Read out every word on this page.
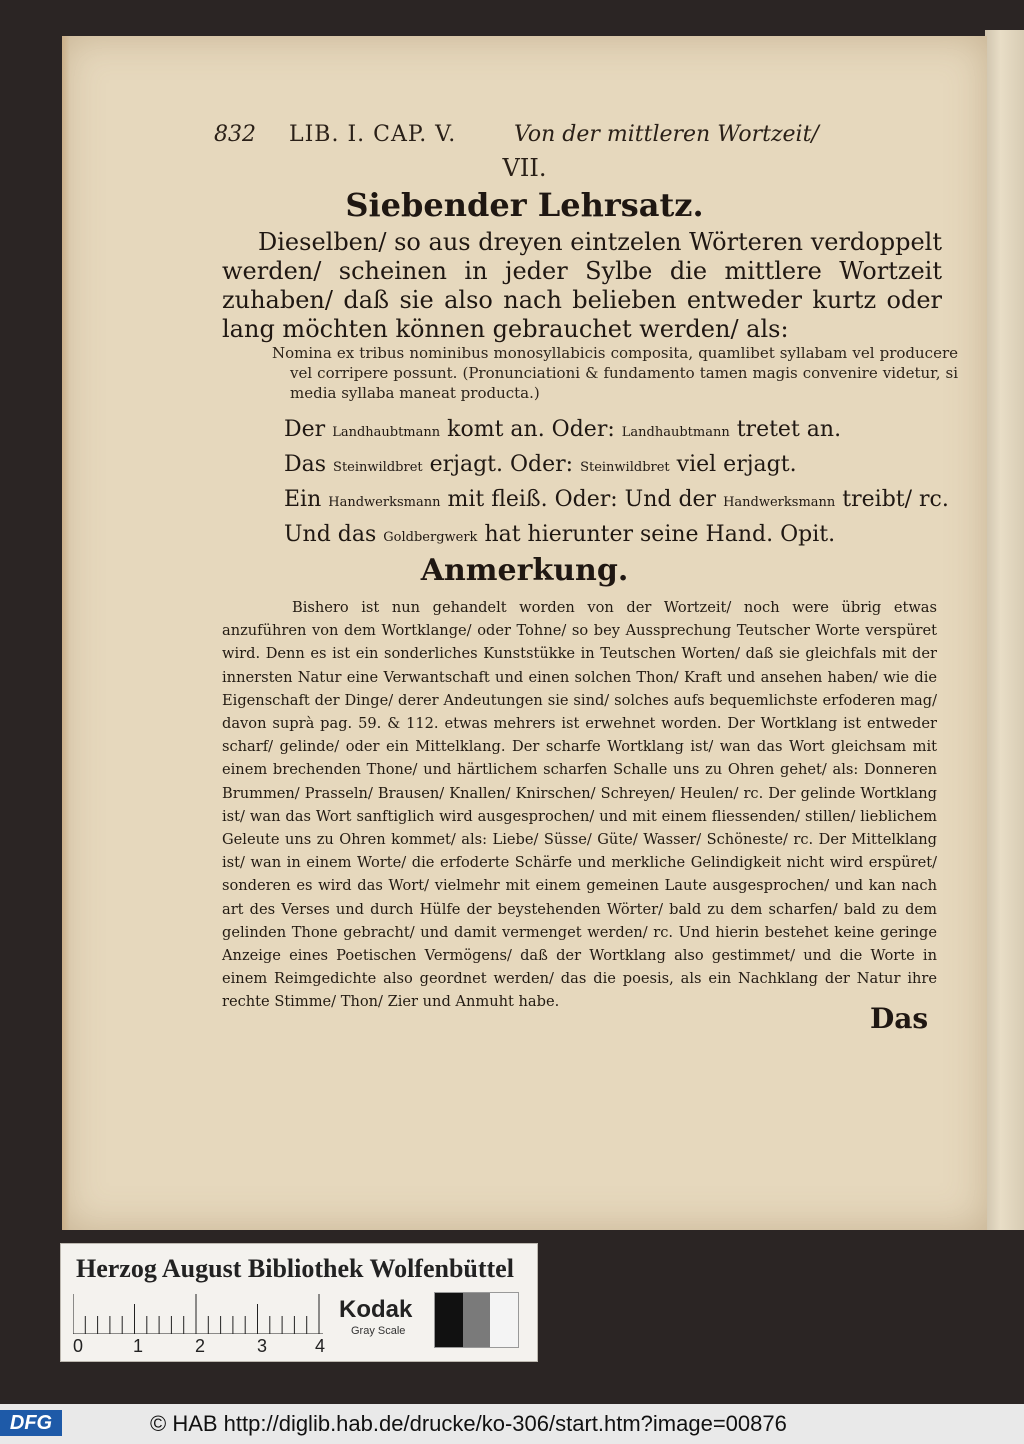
832 LIB. I. CAP. V.	Von der mittleren Wortzeit/
VII.
Siebender Lehrsatz.
Dieselben/ so aus dreyen eintzelen Wörteren verdoppelt werden/ scheinen in jeder Sylbe die mittlere Wortzeit zuhaben/ daß sie also nach belieben entweder kurtz oder lang möchten können gebrauchet werden/ als:
Nomina ex tribus nominibus monosyllabicis composita, quamlibet syllabam vel producere vel corripere possunt. (Pronunciationi & fundamento tamen magis convenire videtur, si media syllaba maneat producta.)
Der Landhaubtmann komt an. Oder: Landhaubtmann tretet an.
Das Steinwildbret erjagt. Oder: Steinwildbret viel erjagt.
Ein Handwerksmann mit fleiß. Oder: Und der Handwerksmann treibt/ rc.
Und das Goldbergwerk hat hierunter seine Hand. Opit.
Anmerkung.
Bishero ist nun gehandelt worden von der Wortzeit/ noch were übrig etwas anzuführen von dem Wortklange/ oder Tohne/ so bey Aussprechung Teutscher Worte verspüret wird. Denn es ist ein sonderliches Kunststükke in Teutschen Worten/ daß sie gleichfals mit der innersten Natur eine Verwantschaft und einen solchen Thon/ Kraft und ansehen haben/ wie die Eigenschaft der Dinge/ derer Andeutungen sie sind/ solches aufs bequemlichste erfoderen mag/ davon suprà pag. 59. & 112. etwas mehrers ist erwehnet worden. Der Wortklang ist entweder scharf/ gelinde/ oder ein Mittelklang. Der scharfe Wortklang ist/ wan das Wort gleichsam mit einem brechenden Thone/ und härtlichem scharfen Schalle uns zu Ohren gehet/ als: Donneren Brummen/ Prasseln/ Brausen/ Knallen/ Knirschen/ Schreyen/ Heulen/ rc. Der gelinde Wortklang ist/ wan das Wort sanftiglich wird ausgesprochen/ und mit einem fliessenden/ stillen/ lieblichem Geleute uns zu Ohren kommet/ als: Liebe/ Süsse/ Güte/ Wasser/ Schöneste/ rc. Der Mittelklang ist/ wan in einem Worte/ die erfoderte Schärfe und merkliche Gelindigkeit nicht wird erspüret/ sonderen es wird das Wort/ vielmehr mit einem gemeinen Laute ausgesprochen/ und kan nach art des Verses und durch Hülfe der beystehenden Wörter/ bald zu dem scharfen/ bald zu dem gelinden Thone gebracht/ und damit vermenget werden/ rc. Und hierin bestehet keine geringe Anzeige eines Poetischen Vermögens/ daß der Wortklang also gestimmet/ und die Worte in einem Reimgedichte also geordnet werden/ das die poesis, als ein Nachklang der Natur ihre rechte Stimme/ Thon/ Zier und Anmuht habe.
Das
Herzog August Bibliothek Wolfenbüttel
0	1	2	3	4
Kodak
Gray Scale
DFG	© HAB http://diglib.hab.de/drucke/ko-306/start.htm?image=00876
